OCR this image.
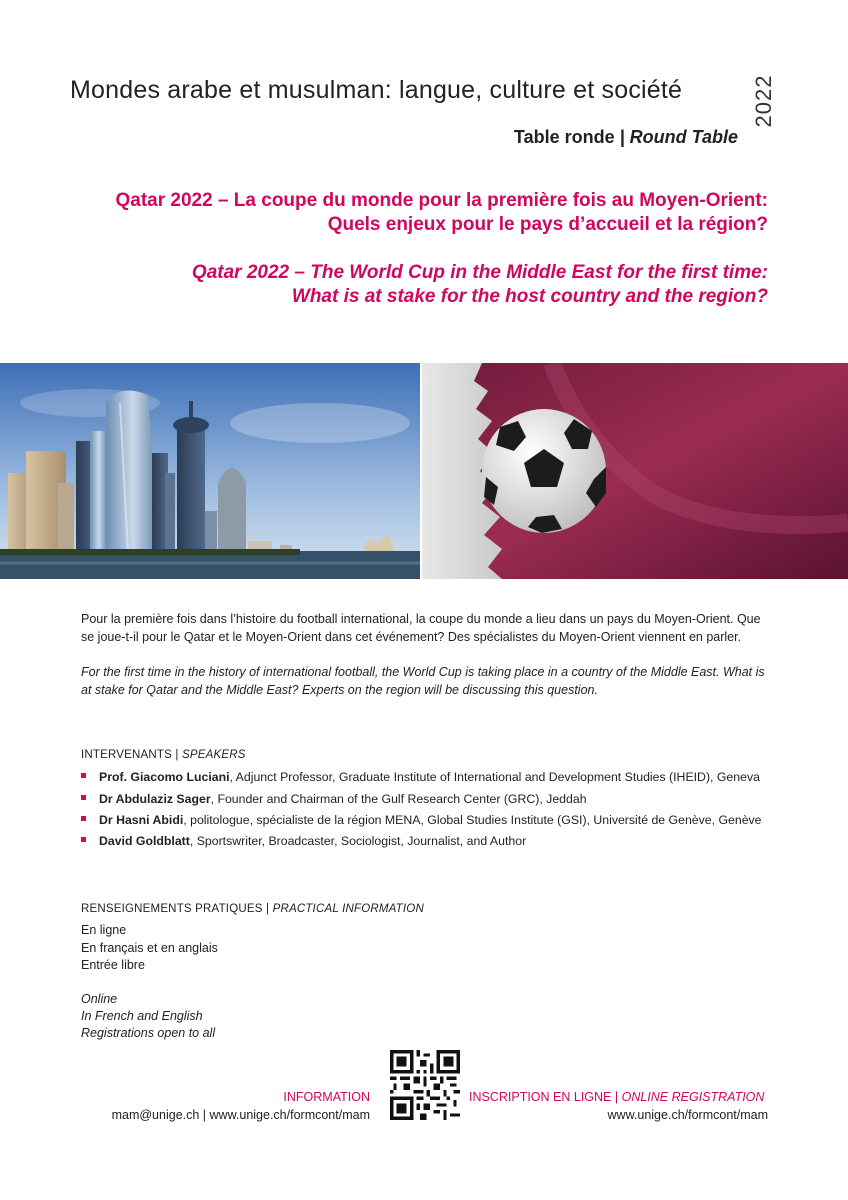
Mondes arabe et musulman: langue, culture et société	2022
Table ronde | Round Table
Qatar 2022 – La coupe du monde pour la première fois au Moyen-Orient:
Quels enjeux pour le pays d’accueil et la région?
Qatar 2022 – The World Cup in the Middle East for the first time:
What is at stake for the host country and the region?
Pour la première fois dans l’histoire du football international, la coupe du monde a lieu dans un pays du Moyen-Orient. Que se joue-t-il pour le Qatar et le Moyen-Orient dans cet événement? Des spécialistes du Moyen-Orient viennent en parler.
For the first time in the history of international football, the World Cup is taking place in a country of the Middle East. What is at stake for Qatar and the Middle East? Experts on the region will be discussing this question.
INTERVENANTS | SPEAKERS
Prof. Giacomo Luciani, Adjunct Professor, Graduate Institute of International and Development Studies (IHEID), Geneva
Dr Abdulaziz Sager, Founder and Chairman of the Gulf Research Center (GRC), Jeddah
Dr Hasni Abidi, politologue, spécialiste de la région MENA, Global Studies Institute (GSI), Université de Genève, Genève
David Goldblatt, Sportswriter, Broadcaster, Sociologist, Journalist, and Author
RENSEIGNEMENTS PRATIQUES | PRACTICAL INFORMATION
En ligne
En français et en anglais
Entrée libre
Online
In French and English
Registrations open to all
INFORMATION
mam@unige.ch | www.unige.ch/formcont/mam
INSCRIPTION EN LIGNE | ONLINE REGISTRATION
www.unige.ch/formcont/mam
